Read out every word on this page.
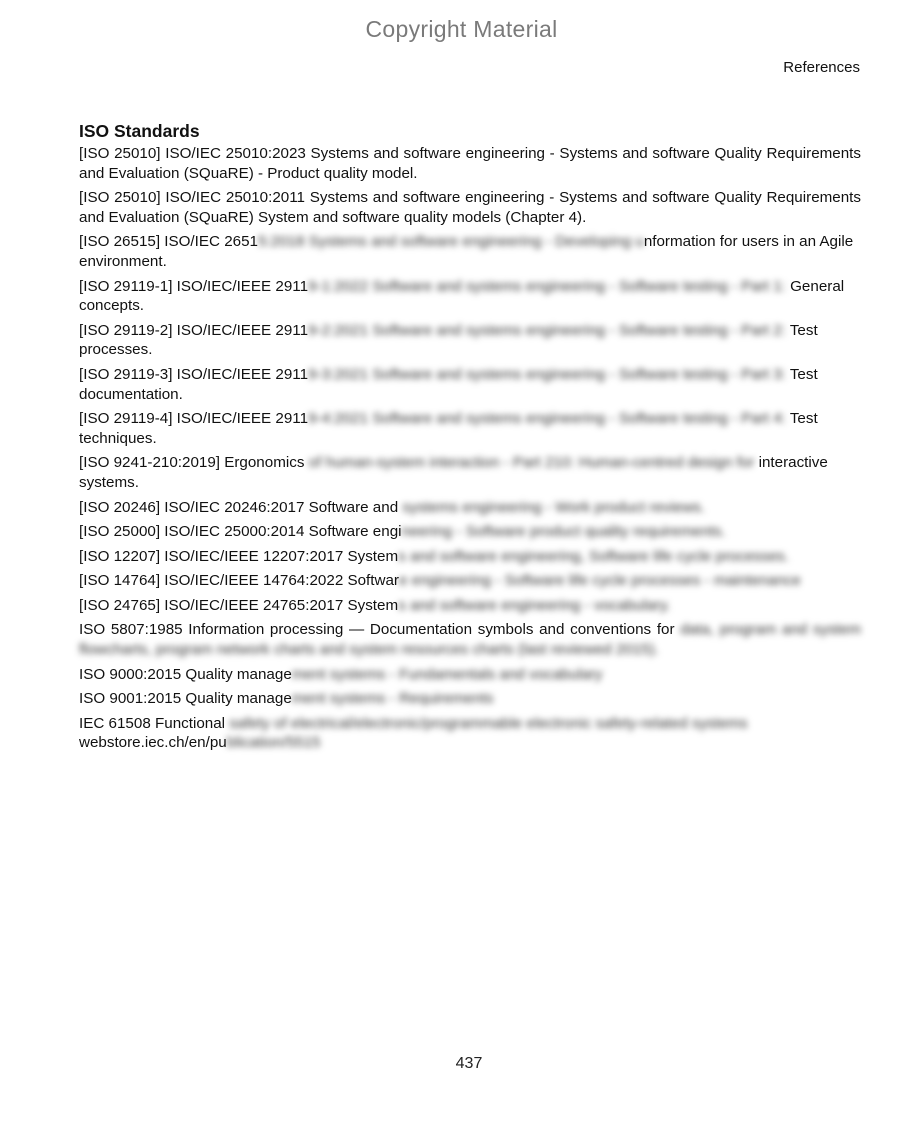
Copyright Material
References
ISO Standards
[ISO 25010] ISO/IEC 25010:2023 Systems and software engineering - Systems and software Quality Requirements and Evaluation (SQuaRE) - Product quality model.
[ISO 25010] ISO/IEC 25010:2011 Systems and software engineering - Systems and software Quality Requirements and Evaluation (SQuaRE) System and software quality models (Chapter 4).
[ISO 26515] ISO/IEC 26515:2018 Systems and software engineering - Developing unformation for users in an Agile environment.
[ISO 29119-1] ISO/IEC/IEEE 29119-1:2022 Software and systems engineering - Software testing - Part 1: General concepts.
[ISO 29119-2] ISO/IEC/IEEE 29119-2:2021 Software and systems engineering - Software testing - Part 2: Test processes.
[ISO 29119-3] ISO/IEC/IEEE 29119-3:2021 Software and systems engineering - Software testing - Part 3: Test documentation.
[ISO 29119-4] ISO/IEC/IEEE 29119-4:2021 Software and systems engineering - Software testing - Part 4: Test techniques.
[ISO 9241-210:2019] Ergonomics of human-system interaction - Part 210: Human-centred design for interactive systems.
[ISO 20246] ISO/IEC 20246:2017 Software and systems engineering - Work product reviews.
[ISO 25000] ISO/IEC 25000:2014 Software engineering - Software product quality requirements.
[ISO 12207] ISO/IEC/IEEE 12207:2017 Systems and software engineering, Software life cycle processes.
[ISO 14764] ISO/IEC/IEEE 14764:2022 Software engineering - Software life cycle processes - maintenance
[ISO 24765] ISO/IEC/IEEE 24765:2017 Systems and software engineering - vocabulary.
ISO 5807:1985 Information processing — Documentation symbols and conventions for data, program and system flowcharts, program network charts and system resources charts (last reviewed 2015).
ISO 9000:2015 Quality management systems - Fundamentals and vocabulary
ISO 9001:2015 Quality management systems - Requirements
IEC 61508 Functional safety of electrical/electronic/programmable electronic safety-related systems
webstore.iec.ch/en/publication/5515
437
